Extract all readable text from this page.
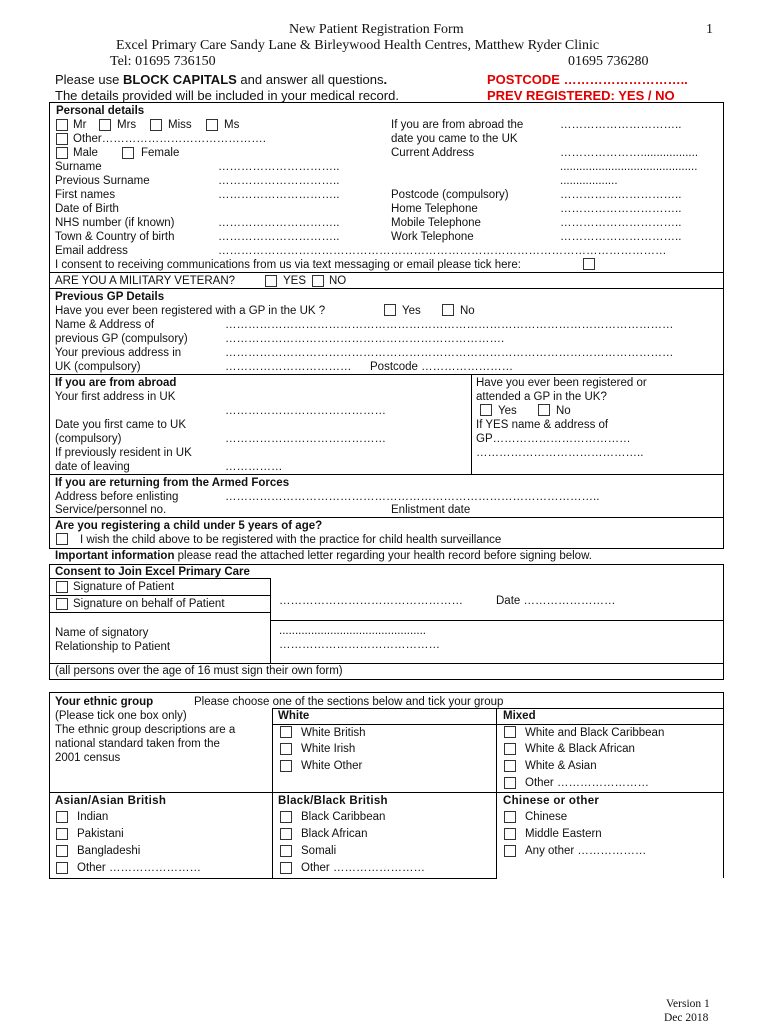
New Patient Registration Form	1
Excel Primary Care Sandy Lane & Birleywood Health Centres, Matthew Ryder Clinic
Tel: 01695 736150	01695 736280
Please use BLOCK CAPITALS and answer all questions.
The details provided will be included in your medical record.
POSTCODE ………………………..
PREV REGISTERED: YES / NO
Personal details
Mr	Mrs	Miss	Ms
Other…………………………………….
Male	Female
Surname	…………………………..
Previous Surname	…………………………..
First names	…………………………..
Date of Birth
NHS number (if known)	…………………………..
Town & Country of birth	…………………………..
Email address	………………………………………………………………………………………………………
If you are from abroad the	…………………………..
date you came to the UK
Current Address	…………………..................
...........................................
..................
Postcode (compulsory)	…………………………..
Home Telephone	…………………………..
Mobile Telephone	…………………………..
Work Telephone	…………………………..
I consent to receiving communications from us via text messaging or email please tick here:
ARE YOU A MILITARY VETERAN?	YES NO
Previous GP Details
Have you ever been registered with a GP in the UK ?	Yes	No
Name & Address of	………………………………………………………………………………………………………
previous GP (compulsory)	……………………………………………………………….
Your previous address in	………………………………………………………………………………………………………
UK (compulsory)	…………………………… Postcode ……………………
If you are from abroad
Your first address in UK
……………………………………
Date you first came to UK
(compulsory)	……………………………………
If previously resident in UK
date of leaving	……………
Have you ever been registered or
attended a GP in the UK?
Yes	No
If YES name & address of
GP………………………………
……………………………………..
If you are returning from the Armed Forces
Address before enlisting	……………………………………………………………………………………..
Service/personnel no.	Enlistment date
Are you registering a child under 5 years of age?
I wish the child above to be registered with the practice for child health surveillance
Important information please read the attached letter regarding your health record before signing below.
Consent to Join Excel Primary Care
Signature of Patient
Signature on behalf of Patient	…………………………………………	Date ……………………
Name of signatory
Relationship to Patient
..............................................
……………………………………
(all persons over the age of 16 must sign their own form)
Your ethnic group	Please choose one of the sections below and tick your group
(Please tick one box only)
The ethnic group descriptions are a
national standard taken from the
2001 census
White
White British
White Irish
White Other
Mixed
White and Black Caribbean
White & Black African
White & Asian
Other ……………………
Asian/Asian British
Indian
Pakistani
Bangladeshi
Other ……………………
Black/Black British
Black Caribbean
Black African
Somali
Other ……………………
Chinese or other
Chinese
Middle Eastern
Any other ………………
Version 1
Dec 2018
